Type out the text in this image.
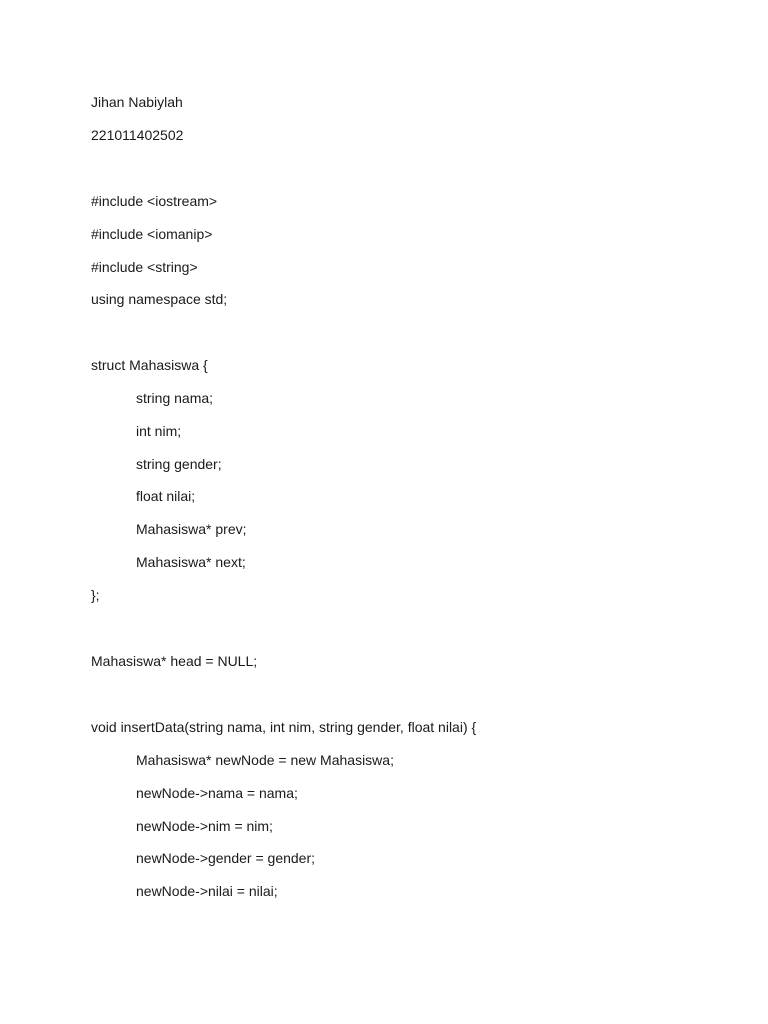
Jihan Nabiylah

221011402502

#include <iostream>

#include <iomanip>

#include <string>

using namespace std;

struct Mahasiswa {

string nama;

int nim;

string gender;

float nilai;

Mahasiswa* prev;

Mahasiswa* next;

};

Mahasiswa* head = NULL;

void insertData(string nama, int nim, string gender, float nilai) {

Mahasiswa* newNode = new Mahasiswa;

newNode->nama = nama;

newNode->nim = nim;

newNode->gender = gender;

newNode->nilai = nilai;
